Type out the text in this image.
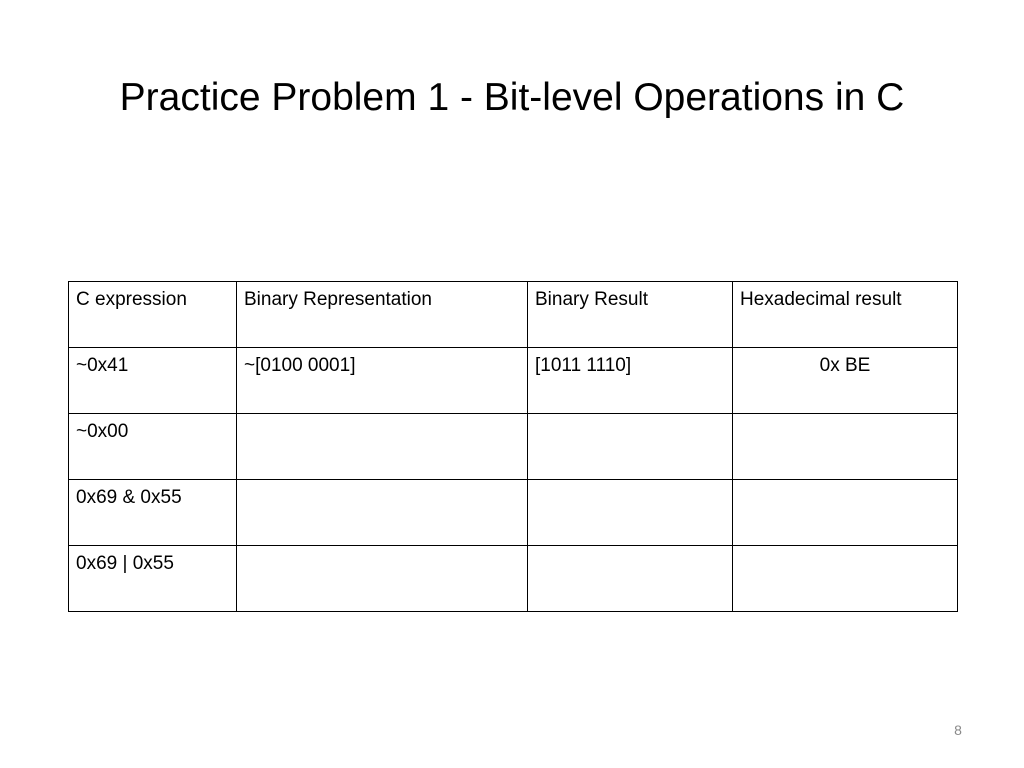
Practice Problem 1 - Bit-level Operations in C
C expression	Binary Representation	Binary Result	Hexadecimal result
~0x41	~[0100 0001]	[1011 1110]	0x BE
~0x00			
0x69 & 0x55			
0x69 | 0x55			
8
